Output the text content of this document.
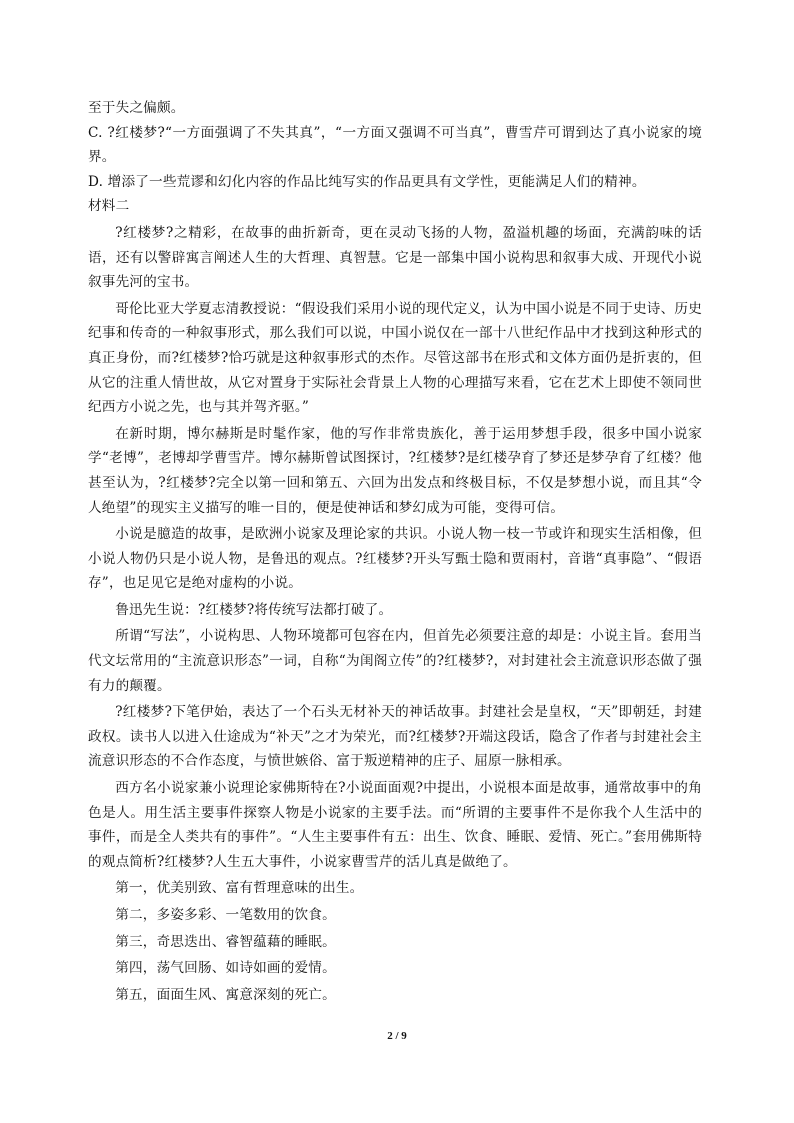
至于失之偏颇。

C. ?红楼梦?“一方面强调了不失其真”，“一方面又强调不可当真”，曹雪芹可谓到达了真小说家的境界。

D. 增添了一些荒谬和幻化内容的作品比纯写实的作品更具有文学性，更能满足人们的精神。

材料二

?红楼梦?之精彩，在故事的曲折新奇，更在灵动飞扬的人物，盈溢机趣的场面，充满韵味的话语，还有以警辟寓言阐述人生的大哲理、真智慧。它是一部集中国小说构思和叙事大成、开现代小说叙事先河的宝书。

哥伦比亚大学夏志清教授说：“假设我们采用小说的现代定义，认为中国小说是不同于史诗、历史纪事和传奇的一种叙事形式，那么我们可以说，中国小说仅在一部十八世纪作品中才找到这种形式的真正身份，而?红楼梦?恰巧就是这种叙事形式的杰作。尽管这部书在形式和文体方面仍是折衷的，但从它的注重人情世故，从它对置身于实际社会背景上人物的心理描写来看，它在艺术上即使不领同世纪西方小说之先，也与其并驾齐驱。”

在新时期，博尔赫斯是时髦作家，他的写作非常贵族化，善于运用梦想手段，很多中国小说家学“老博”，老博却学曹雪芹。博尔赫斯曾试图探讨，?红楼梦?是红楼孕育了梦还是梦孕育了红楼？他甚至认为，?红楼梦?完全以第一回和第五、六回为出发点和终极目标，不仅是梦想小说，而且其“令人绝望”的现实主义描写的唯一目的，便是使神话和梦幻成为可能，变得可信。

小说是臆造的故事，是欧洲小说家及理论家的共识。小说人物一枝一节或许和现实生活相像，但小说人物仍只是小说人物，是鲁迅的观点。?红楼梦?开头写甄士隐和贾雨村，音谐“真事隐”、“假语存”，也足见它是绝对虚构的小说。

鲁迅先生说：?红楼梦?将传统写法都打破了。

所谓“写法”，小说构思、人物环境都可包容在内，但首先必须要注意的却是：小说主旨。套用当代文坛常用的“主流意识形态”一词，自称“为闺阁立传”的?红楼梦?，对封建社会主流意识形态做了强有力的颠覆。

?红楼梦?下笔伊始，表达了一个石头无材补天的神话故事。封建社会是皇权，“天”即朝廷，封建政权。读书人以进入仕途成为“补天”之才为荣光，而?红楼梦?开端这段话，隐含了作者与封建社会主流意识形态的不合作态度，与愤世嫉俗、富于叛逆精神的庄子、屈原一脉相承。

西方名小说家兼小说理论家佛斯特在?小说面面观?中提出，小说根本面是故事，通常故事中的角色是人。用生活主要事件探察人物是小说家的主要手法。而“所谓的主要事件不是你我个人生活中的事件，而是全人类共有的事件”。“人生主要事件有五：出生、饮食、睡眠、爱情、死亡。”套用佛斯特的观点简析?红楼梦?人生五大事件，小说家曹雪芹的活儿真是做绝了。

第一，优美别致、富有哲理意味的出生。

第二，多姿多彩、一笔数用的饮食。

第三，奇思迭出、睿智蕴藉的睡眠。

第四，荡气回肠、如诗如画的爱情。

第五，面面生风、寓意深刻的死亡。

2 / 9
